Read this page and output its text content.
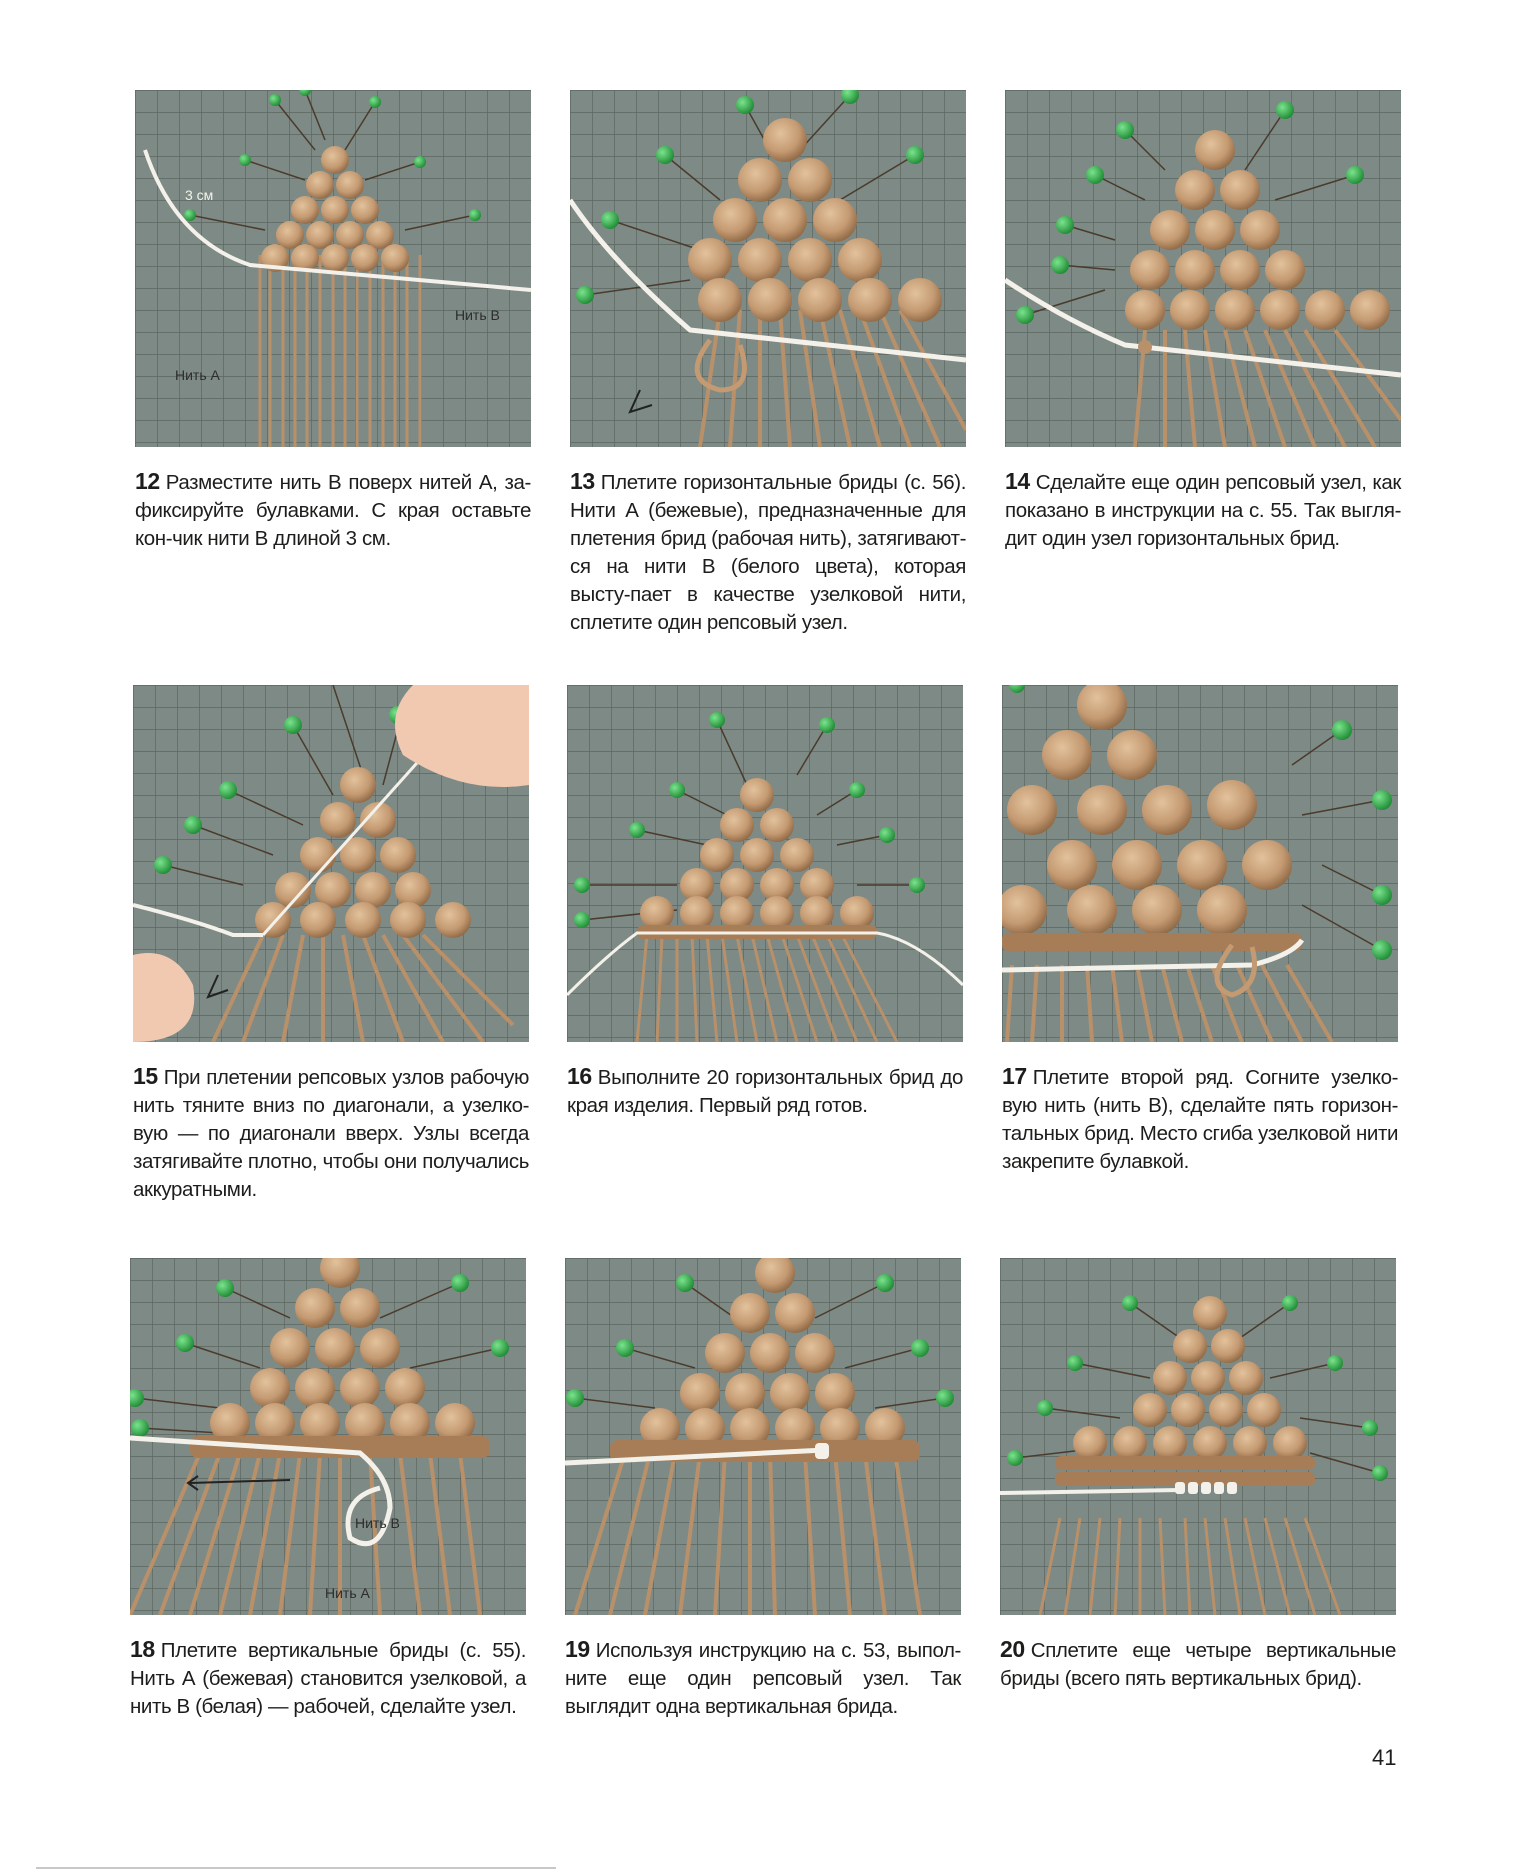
3 см
Нить В
Нить А

12 Разместите нить В поверх нитей А, за-фиксируйте булавками. С края оставьте кон-чик нити В длиной 3 см.

13 Плетите горизонтальные бриды (с. 56). Нити А (бежевые), предназначенные для плетения брид (рабочая нить), затягивают-ся на нити В (белого цвета), которая высту-пает в качестве узелковой нити, сплетите один репсовый узел.

14 Сделайте еще один репсовый узел, как показано в инструкции на с. 55. Так выгля-дит один узел горизонтальных брид.

15 При плетении репсовых узлов рабочую нить тяните вниз по диагонали, а узелко-вую — по диагонали вверх. Узлы всегда затягивайте плотно, чтобы они получались аккуратными.

16 Выполните 20 горизонтальных брид до края изделия. Первый ряд готов.

17 Плетите второй ряд. Согните узелко-вую нить (нить В), сделайте пять горизон-тальных брид. Место сгиба узелковой нити закрепите булавкой.

Нить В
Нить А

18 Плетите вертикальные бриды (с. 55). Нить А (бежевая) становится узелковой, а нить В (белая) — рабочей, сделайте узел.

19 Используя инструкцию на с. 53, выпол-ните еще один репсовый узел. Так выглядит одна вертикальная брида.

20 Сплетите еще четыре вертикальные бриды (всего пять вертикальных брид).

41
